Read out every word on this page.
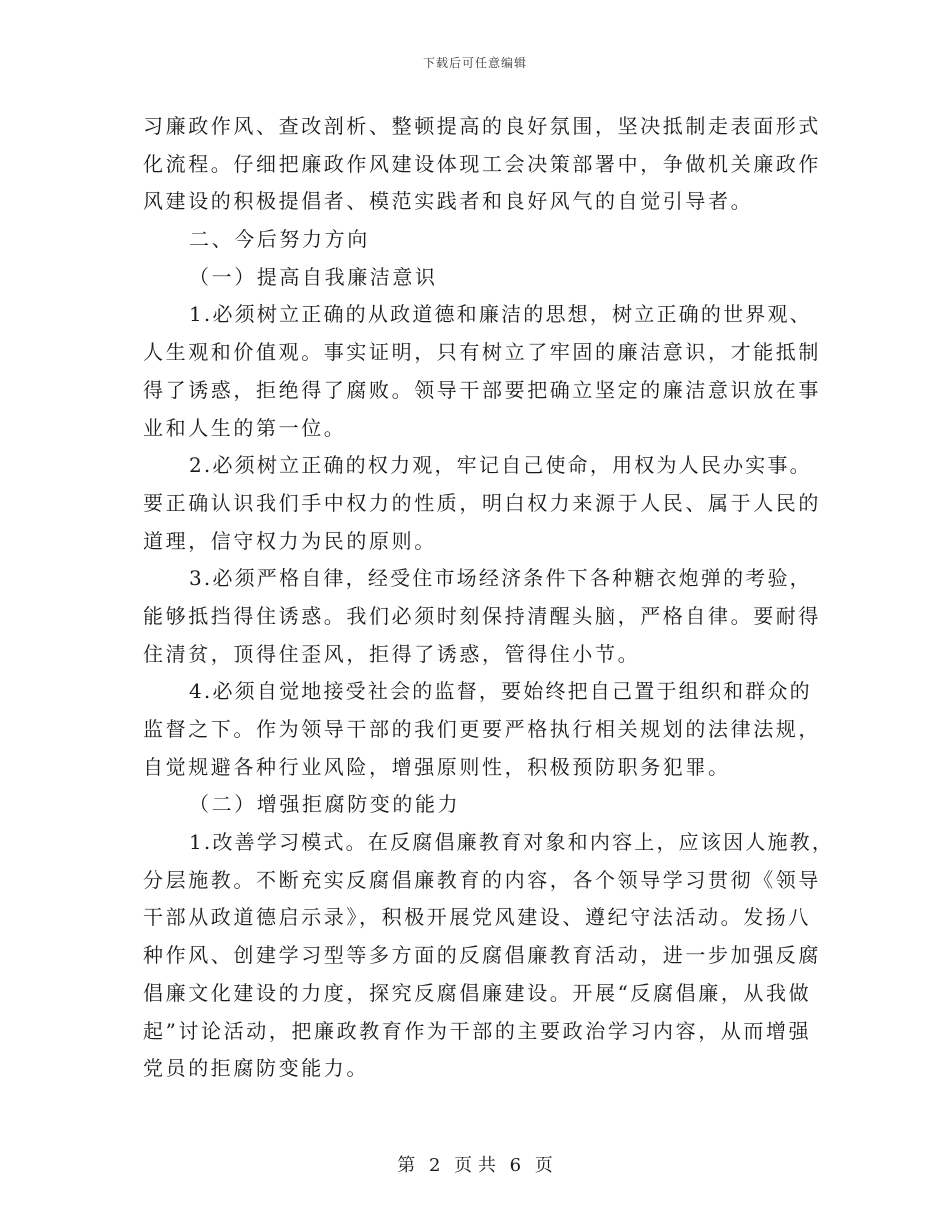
下载后可任意编辑
习廉政作风、查改剖析、整顿提高的良好氛围，坚决抵制走表面形式
化流程。仔细把廉政作风建设体现工会决策部署中，争做机关廉政作
风建设的积极提倡者、模范实践者和良好风气的自觉引导者。
二、今后努力方向
（一）提高自我廉洁意识
1.必须树立正确的从政道德和廉洁的思想，树立正确的世界观、
人生观和价值观。事实证明，只有树立了牢固的廉洁意识，才能抵制
得了诱惑，拒绝得了腐败。领导干部要把确立坚定的廉洁意识放在事
业和人生的第一位。
2.必须树立正确的权力观，牢记自己使命，用权为人民办实事。
要正确认识我们手中权力的性质，明白权力来源于人民、属于人民的
道理，信守权力为民的原则。
3.必须严格自律，经受住市场经济条件下各种糖衣炮弹的考验，
能够抵挡得住诱惑。我们必须时刻保持清醒头脑，严格自律。要耐得
住清贫，顶得住歪风，拒得了诱惑，管得住小节。
4.必须自觉地接受社会的监督，要始终把自己置于组织和群众的
监督之下。作为领导干部的我们更要严格执行相关规划的法律法规，
自觉规避各种行业风险，增强原则性，积极预防职务犯罪。
（二）增强拒腐防变的能力
1.改善学习模式。在反腐倡廉教育对象和内容上，应该因人施教，
分层施教。不断充实反腐倡廉教育的内容，各个领导学习贯彻《领导
干部从政道德启示录》，积极开展党风建设、遵纪守法活动。发扬八
种作风、创建学习型等多方面的反腐倡廉教育活动，进一步加强反腐
倡廉文化建设的力度，探究反腐倡廉建设。开展“反腐倡廉，从我做
起”讨论活动，把廉政教育作为干部的主要政治学习内容，从而增强
党员的拒腐防变能力。
第 2 页 共 6 页
